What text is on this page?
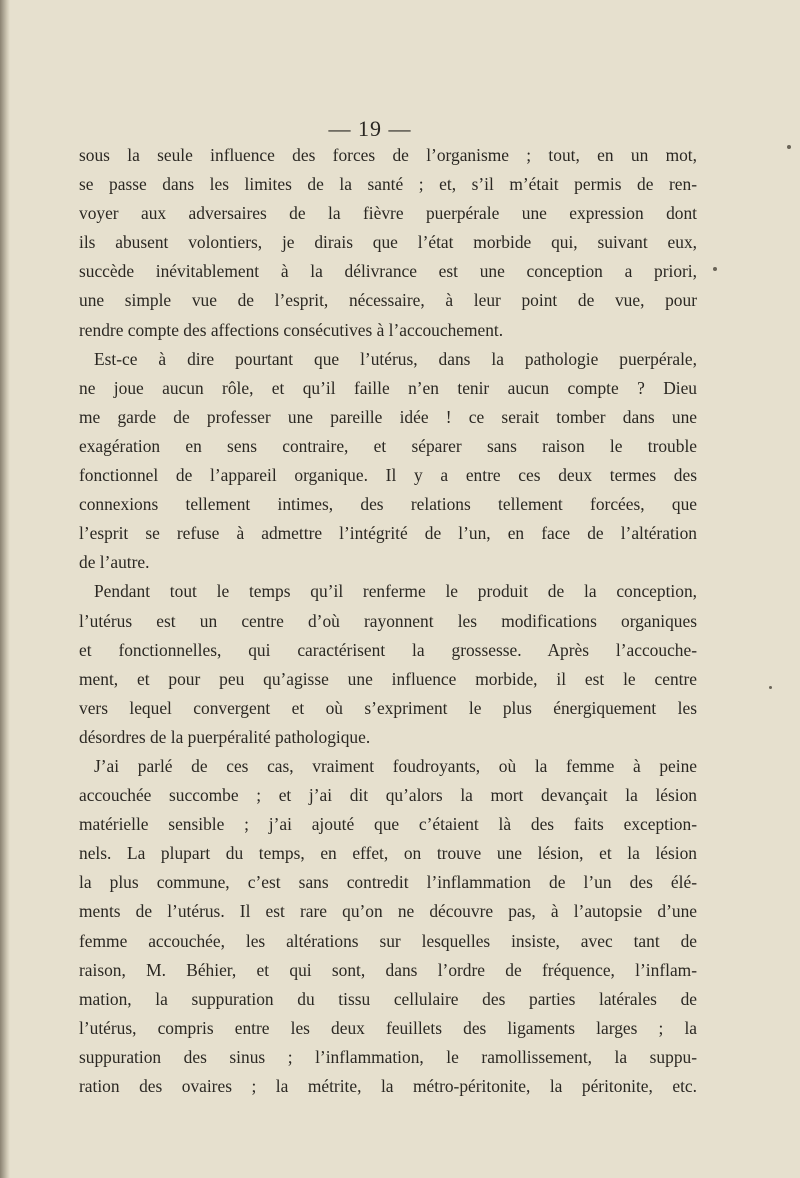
— 19 —
sous la seule influence des forces de l’organisme ; tout, en un mot,
se passe dans les limites de la santé ; et, s’il m’était permis de ren-
voyer aux adversaires de la fièvre puerpérale une expression dont
ils abusent volontiers, je dirais que l’état morbide qui, suivant eux,
succède inévitablement à la délivrance est une conception a priori,
une simple vue de l’esprit, nécessaire, à leur point de vue, pour
rendre compte des affections consécutives à l’accouchement.
Est-ce à dire pourtant que l’utérus, dans la pathologie puerpérale,
ne joue aucun rôle, et qu’il faille n’en tenir aucun compte ? Dieu
me garde de professer une pareille idée ! ce serait tomber dans une
exagération en sens contraire, et séparer sans raison le trouble
fonctionnel de l’appareil organique. Il y a entre ces deux termes des
connexions tellement intimes, des relations tellement forcées, que
l’esprit se refuse à admettre l’intégrité de l’un, en face de l’altération
de l’autre.
Pendant tout le temps qu’il renferme le produit de la conception,
l’utérus est un centre d’où rayonnent les modifications organiques
et fonctionnelles, qui caractérisent la grossesse. Après l’accouche-
ment, et pour peu qu’agisse une influence morbide, il est le centre
vers lequel convergent et où s’expriment le plus énergiquement les
désordres de la puerpéralité pathologique.
J’ai parlé de ces cas, vraiment foudroyants, où la femme à peine
accouchée succombe ; et j’ai dit qu’alors la mort devançait la lésion
matérielle sensible ; j’ai ajouté que c’étaient là des faits exception-
nels. La plupart du temps, en effet, on trouve une lésion, et la lésion
la plus commune, c’est sans contredit l’inflammation de l’un des élé-
ments de l’utérus. Il est rare qu’on ne découvre pas, à l’autopsie d’une
femme accouchée, les altérations sur lesquelles insiste, avec tant de
raison, M. Béhier, et qui sont, dans l’ordre de fréquence, l’inflam-
mation, la suppuration du tissu cellulaire des parties latérales de
l’utérus, compris entre les deux feuillets des ligaments larges ; la
suppuration des sinus ; l’inflammation, le ramollissement, la suppu-
ration des ovaires ; la métrite, la métro-péritonite, la péritonite, etc.
